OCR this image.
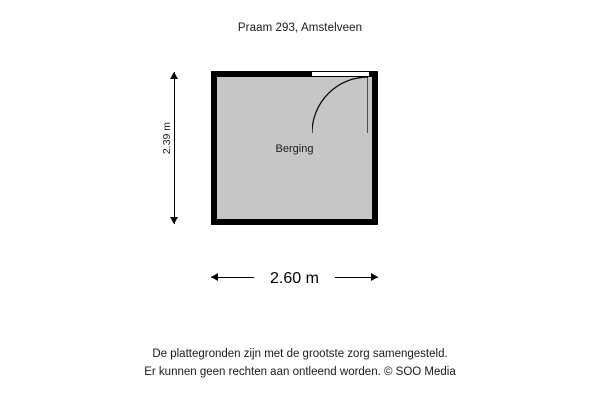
Praam 293, Amstelveen
Berging
2.39 m
2.60 m
De plattegronden zijn met de grootste zorg samengesteld.
Er kunnen geen rechten aan ontleend worden. © SOO Media
